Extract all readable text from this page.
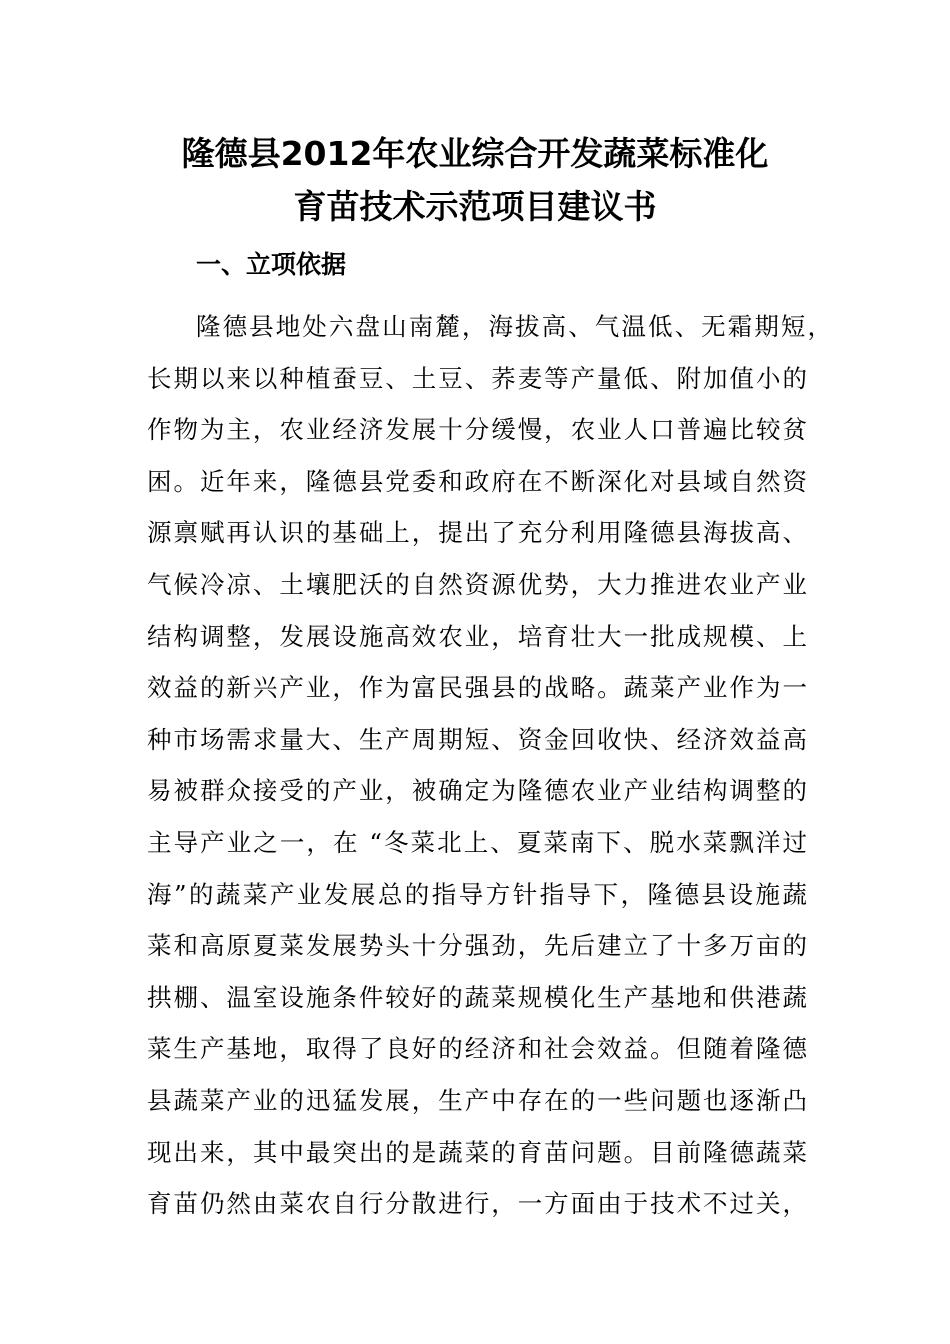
隆德县2012年农业综合开发蔬菜标准化
育苗技术示范项目建议书
一、立项依据
隆德县地处六盘山南麓，海拔高、气温低、无霜期短，
长期以来以种植蚕豆、土豆、荞麦等产量低、附加值小的
作物为主，农业经济发展十分缓慢，农业人口普遍比较贫
困。近年来，隆德县党委和政府在不断深化对县域自然资
源禀赋再认识的基础上，提出了充分利用隆德县海拔高、
气候冷凉、土壤肥沃的自然资源优势，大力推进农业产业
结构调整，发展设施高效农业，培育壮大一批成规模、上
效益的新兴产业，作为富民强县的战略。蔬菜产业作为一
种市场需求量大、生产周期短、资金回收快、经济效益高
易被群众接受的产业，被确定为隆德农业产业结构调整的
主导产业之一，在 “冬菜北上、夏菜南下、脱水菜飘洋过
海”的蔬菜产业发展总的指导方针指导下，隆德县设施蔬
菜和高原夏菜发展势头十分强劲，先后建立了十多万亩的
拱棚、温室设施条件较好的蔬菜规模化生产基地和供港蔬
菜生产基地，取得了良好的经济和社会效益。但随着隆德
县蔬菜产业的迅猛发展，生产中存在的一些问题也逐渐凸
现出来，其中最突出的是蔬菜的育苗问题。目前隆德蔬菜
育苗仍然由菜农自行分散进行，一方面由于技术不过关，
